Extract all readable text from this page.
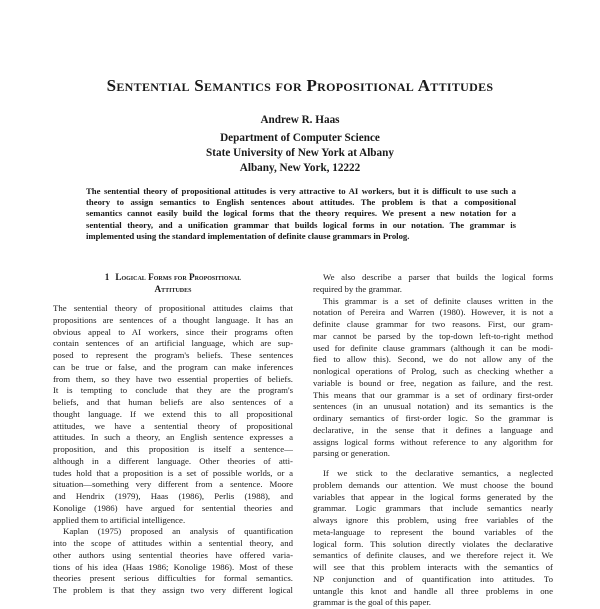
Sentential Semantics for Propositional Attitudes
Andrew R. Haas
Department of Computer Science
State University of New York at Albany
Albany, New York, 12222
The sentential theory of propositional attitudes is very attractive to AI workers, but it is difficult to use such a
theory to assign semantics to English sentences about attitudes. The problem is that a compositional
semantics cannot easily build the logical forms that the theory requires. We present a new notation for a
sentential theory, and a unification grammar that builds logical forms in our notation. The grammar is
implemented using the standard implementation of definite clause grammars in Prolog.
1 Logical Forms for Propositional
Attitudes
The sentential theory of propositional attitudes claims that
propositions are sentences of a thought language. It has an
obvious appeal to AI workers, since their programs often
contain sentences of an artificial language, which are sup-
posed to represent the program's beliefs. These sentences
can be true or false, and the program can make inferences
from them, so they have two essential properties of beliefs.
It is tempting to conclude that they are the program's
beliefs, and that human beliefs are also sentences of a
thought language. If we extend this to all propositional
attitudes, we have a sentential theory of propositional
attitudes. In such a theory, an English sentence expresses a
proposition, and this proposition is itself a sentence—
although in a different language. Other theories of atti-
tudes hold that a proposition is a set of possible worlds, or a
situation—something very different from a sentence. Moore
and Hendrix (1979), Haas (1986), Perlis (1988), and
Konolige (1986) have argued for sentential theories and
applied them to artificial intelligence.
Kaplan (1975) proposed an analysis of quantification
into the scope of attitudes within a sentential theory, and
other authors using sentential theories have offered varia-
tions of his idea (Haas 1986; Konolige 1986). Most of these
theories present serious difficulties for formal semantics.
The problem is that they assign two very different logical
We also describe a parser that builds the logical forms
required by the grammar.
This grammar is a set of definite clauses written in the
notation of Pereira and Warren (1980). However, it is not a
definite clause grammar for two reasons. First, our gram-
mar cannot be parsed by the top-down left-to-right method
used for definite clause grammars (although it can be modi-
fied to allow this). Second, we do not allow any of the
nonlogical operations of Prolog, such as checking whether a
variable is bound or free, negation as failure, and the rest.
This means that our grammar is a set of ordinary first-order
sentences (in an unusual notation) and its semantics is the
ordinary semantics of first-order logic. So the grammar is
declarative, in the sense that it defines a language and
assigns logical forms without reference to any algorithm for
parsing or generation.
If we stick to the declarative semantics, a neglected
problem demands our attention. We must choose the bound
variables that appear in the logical forms generated by the
grammar. Logic grammars that include semantics nearly
always ignore this problem, using free variables of the
meta-language to represent the bound variables of the
logical form. This solution directly violates the declarative
semantics of definite clauses, and we therefore reject it. We
will see that this problem interacts with the semantics of
NP conjunction and of quantification into attitudes. To
untangle this knot and handle all three problems in one
grammar is the goal of this paper.
